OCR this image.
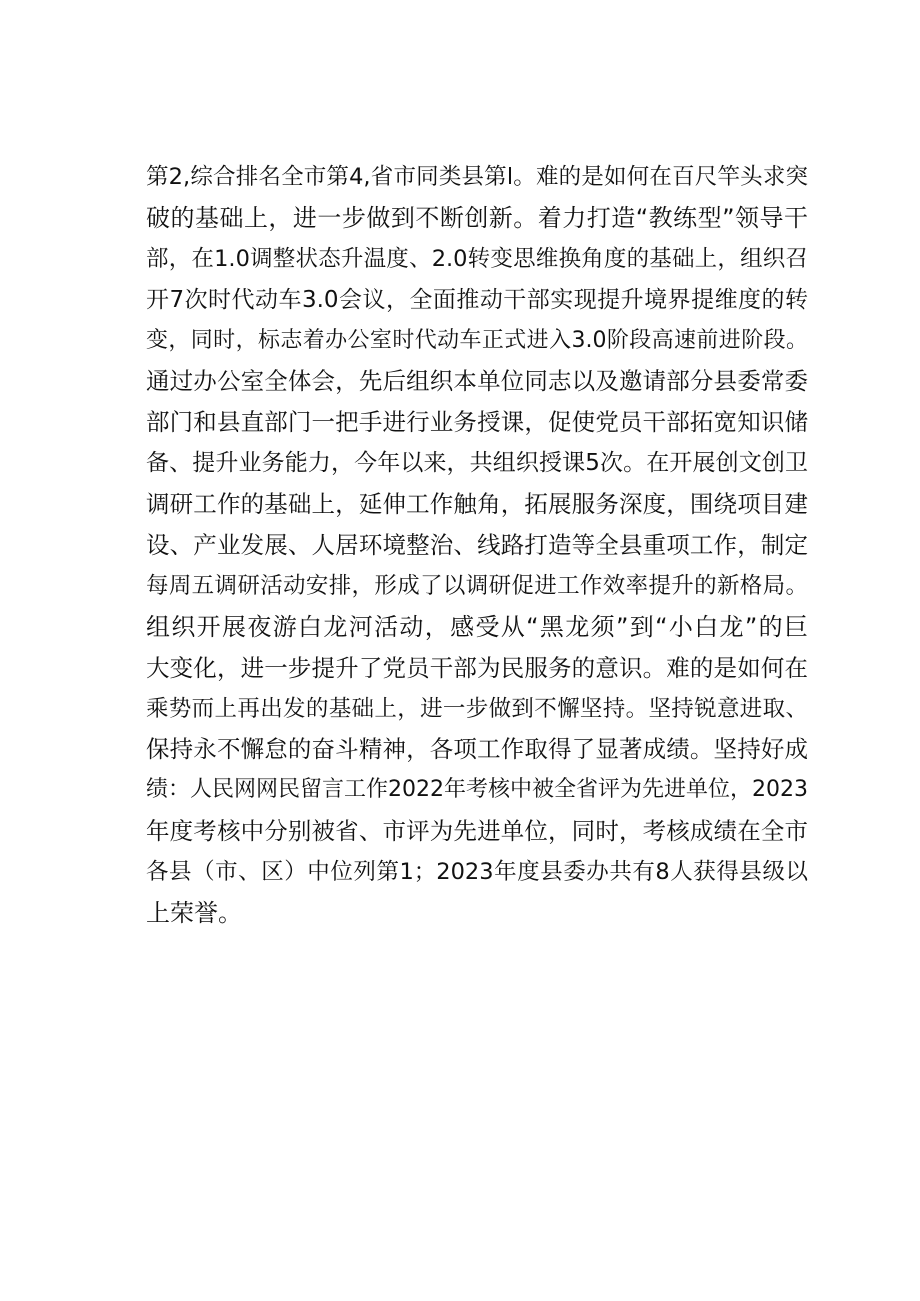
第2,综合排名全市第4,省市同类县第l。难的是如何在百尺竿头求突
破的基础上，进一步做到不断创新。着力打造“教练型”领导干
部，在1.0调整状态升温度、2.0转变思维换角度的基础上，组织召
开7次时代动车3.0会议，全面推动干部实现提升境界提维度的转
变，同时，标志着办公室时代动车正式进入3.0阶段高速前进阶段。
通过办公室全体会，先后组织本单位同志以及邀请部分县委常委
部门和县直部门一把手进行业务授课，促使党员干部拓宽知识储
备、提升业务能力，今年以来，共组织授课5次。在开展创文创卫
调研工作的基础上，延伸工作触角，拓展服务深度，围绕项目建
设、产业发展、人居环境整治、线路打造等全县重项工作，制定
每周五调研活动安排，形成了以调研促进工作效率提升的新格局。
组织开展夜游白龙河活动，感受从“黑龙须”到“小白龙”的巨
大变化，进一步提升了党员干部为民服务的意识。难的是如何在
乘势而上再出发的基础上，进一步做到不懈坚持。坚持锐意进取、
保持永不懈怠的奋斗精神，各项工作取得了显著成绩。坚持好成
绩：人民网网民留言工作2022年考核中被全省评为先进单位，2023
年度考核中分别被省、市评为先进单位，同时，考核成绩在全市
各县（市、区）中位列第1；2023年度县委办共有8人获得县级以
上荣誉。
